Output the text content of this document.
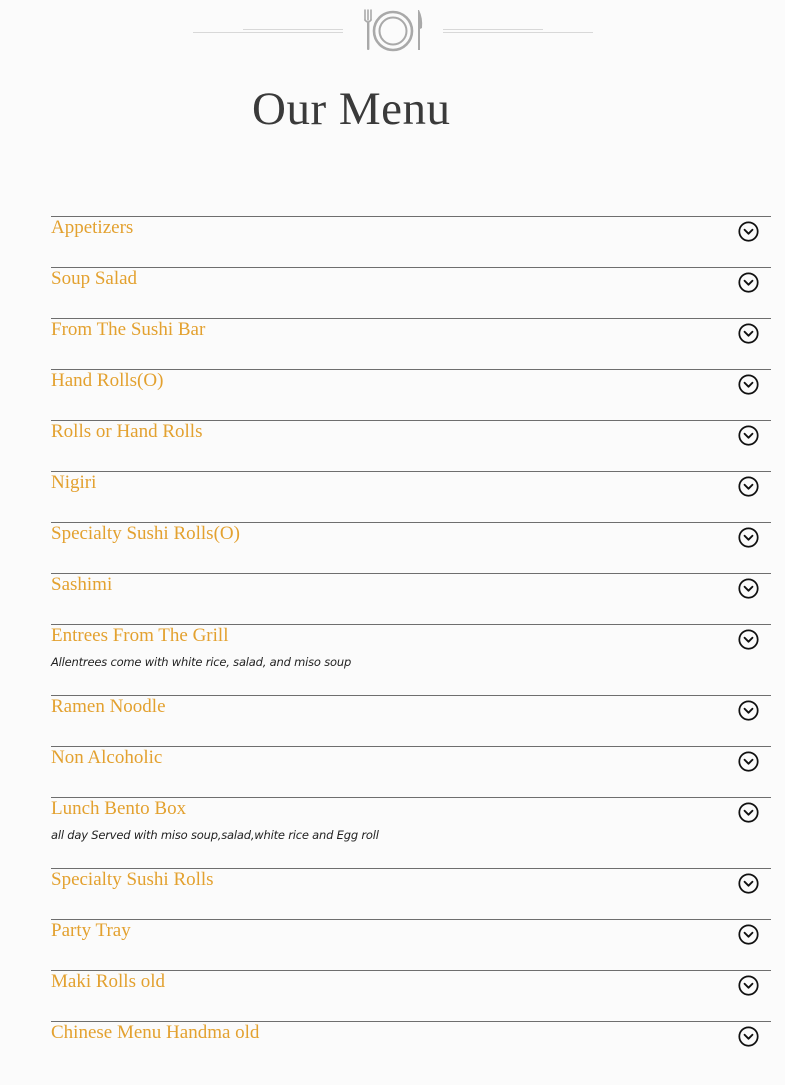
Our Menu
Appetizers
Soup Salad
From The Sushi Bar
Hand Rolls(O)
Rolls or Hand Rolls
Nigiri
Specialty Sushi Rolls(O)
Sashimi
Entrees From The Grill
Allentrees come with white rice, salad, and miso soup
Ramen Noodle
Non Alcoholic
Lunch Bento Box
all day Served with miso soup,salad,white rice and Egg roll
Specialty Sushi Rolls
Party Tray
Maki Rolls old
Chinese Menu Handma old
